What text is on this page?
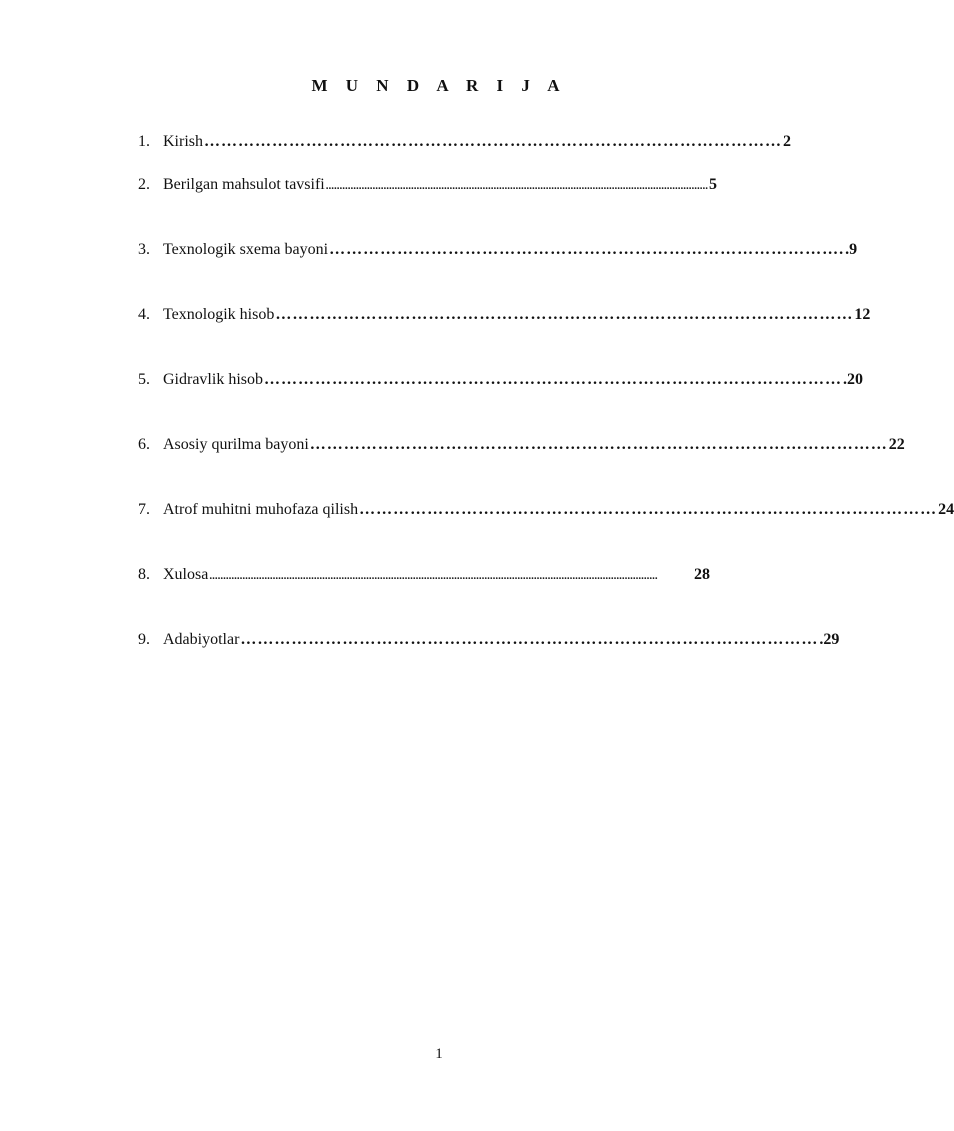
M U N D A R I J A
1. Kirish ………………………………………………………………………………………… 2
2. Berilgan mahsulot tavsifi ........................................................................................................................................... 5
3. Texnologik sxema bayoni ………………………………………………………………………………. .9
4. Texnologik hisob ………………………………………………………………………………………… 12
5. Gidravlik hisob ………………………………………………………………………………………… .20
6. Asosiy qurilma bayoni ………………………………………………………………………………………… 22
7. Atrof muhitni muhofaza qilish ………………………………………………………………………………………… 24
8. Xulosa ...................................................................................................................................................................	28
9. Adabiyotlar ………………………………………………………………………………………… .29
1
